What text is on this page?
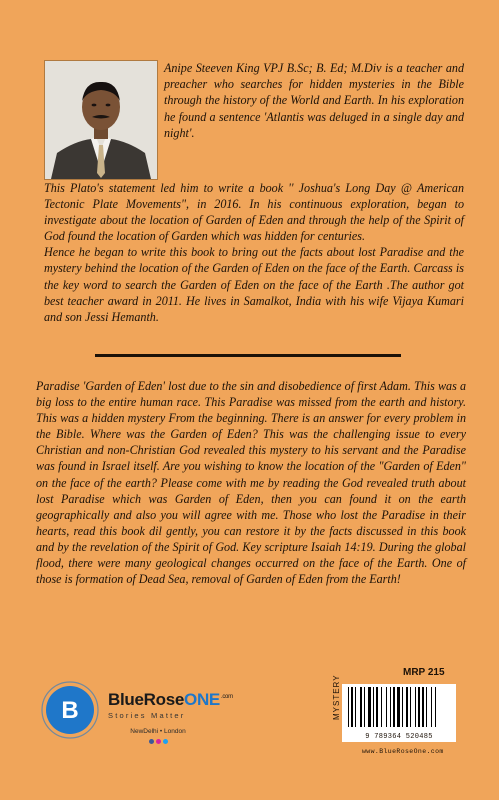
Anipe Steeven King VPJ B.Sc; B. Ed; M.Div is a teacher and preacher who searches for hidden mysteries in the Bible through the history of the World and Earth. In his exploration he found a sentence 'Atlantis was deluged in a single day and night'.

This Plato's statement led him to write a book '' Joshua's Long Day @ American Tectonic Plate Movements", in 2016. In his continuous exploration, began to investigate about the location of Garden of Eden and through the help of the Spirit of God found the location of Garden which was hidden for centuries.

Hence he began to write this book to bring out the facts about lost Paradise and the mystery behind the location of the Garden of Eden on the face of the Earth. Carcass is the key word to search the Garden of Eden on the face of the Earth .The author got best teacher award in 2011. He lives in Samalkot, India with his wife Vijaya Kumari and son Jessi Hemanth.

Paradise 'Garden of Eden' lost due to the sin and disobedience of first Adam. This was a big loss to the entire human race. This Paradise was missed from the earth and history. This was a hidden mystery From the beginning. There is an answer for every problem in the Bible. Where was the Garden of Eden? This was the challenging issue to every Christian and non-Christian God revealed this mystery to his servant and the Paradise was found in Israel itself. Are you wishing to know the location of the "Garden of Eden" on the face of the earth? Please come with me by reading the God revealed truth about lost Paradise which was Garden of Eden, then you can found it on the earth geographically and also you will agree with me. Those who lost the Paradise in their hearts, read this book dil gently, you can restore it by the facts discussed in this book and by the revelation of the Spirit of God. Key scripture Isaiah 14:19. During the global flood, there were many geological changes occurred on the face of the Earth. One of those is formation of Dead Sea, removal of Garden of Eden from the Earth!

B BlueRoseONE$^{.com}$
Stories Matter
NewDelhi • London
MRP 215
MYSTERY
9 789364 520485
www.BlueRoseOne.com
